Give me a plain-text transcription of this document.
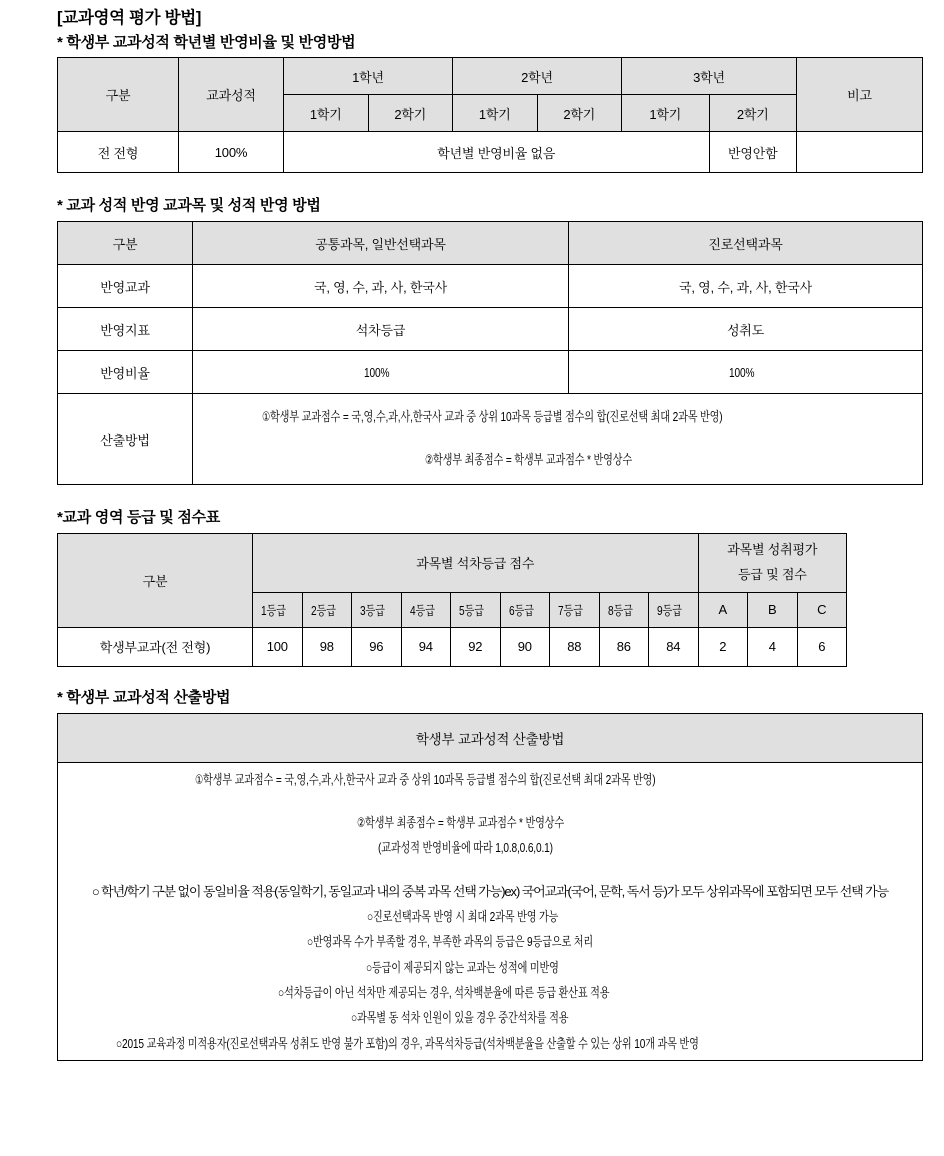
[교과영역 평가 방법]
* 학생부 교과성적 학년별 반영비율 및 반영방법
구분	교과성적	1학년		2학년		3학년		비고
		1학기	2학기	1학기	2학기	1학기	2학기	
전 전형	100%	학년별 반영비율 없음					반영안함	
* 교과 성적 반영 교과목 및 성적 반영 방법
구분	공통과목, 일반선택과목	진로선택과목
반영교과	국, 영, 수, 과, 사, 한국사	국, 영, 수, 과, 사, 한국사
반영지표	석차등급	성취도
반영비율	100%	100%
산출방법	①학생부 교과점수 = 국,영,수,과,사,한국사 교과 중 상위 10과목 등급별 점수의 합(진로선택 최대 2과목 반영)
②학생부 최종점수 = 학생부 교과점수 * 반영상수	
*교과 영역 등급 및 점수표
구분	과목별 석차등급 점수									과목별 성취평가
등급 및 점수		
	1등급	2등급	3등급	4등급	5등급	6등급	7등급	8등급	9등급	A	B	C
학생부교과(전 전형)	100	98	96	94	92	90	88	86	84	2	4	6
* 학생부 교과성적 산출방법
학생부 교과성적 산출방법

①학생부 교과점수 = 국,영,수,과,사,한국사 교과 중 상위 10과목 등급별 점수의 합(진로선택 최대 2과목 반영)
②학생부 최종점수 = 학생부 교과점수 * 반영상수
(교과성적 반영비율에 따라 1,0.8,0.6,0.1)
○ 학년/학기 구분 없이 동일비율 적용(동일학기, 동일교과 내의 중복 과목 선택 가능)ex) 국어교과(국어, 문학, 독서 등)가 모두 상위과목에 포함되면 모두 선택 가능
○진로선택과목 반영 시 최대 2과목 반영 가능
○반영과목 수가 부족할 경우, 부족한 과목의 등급은 9등급으로 처리
○등급이 제공되지 않는 교과는 성적에 미반영
○석차등급이 아닌 석차만 제공되는 경우, 석차백분율에 따른 등급 환산표 적용
○과목별 동 석차 인원이 있을 경우 중간석차를 적용
○2015 교육과정 미적용자(진로선택과목 성취도 반영 불가 포함)의 경우, 과목석차등급(석차백분율을 산출할 수 있는 상위 10개 과목 반영
